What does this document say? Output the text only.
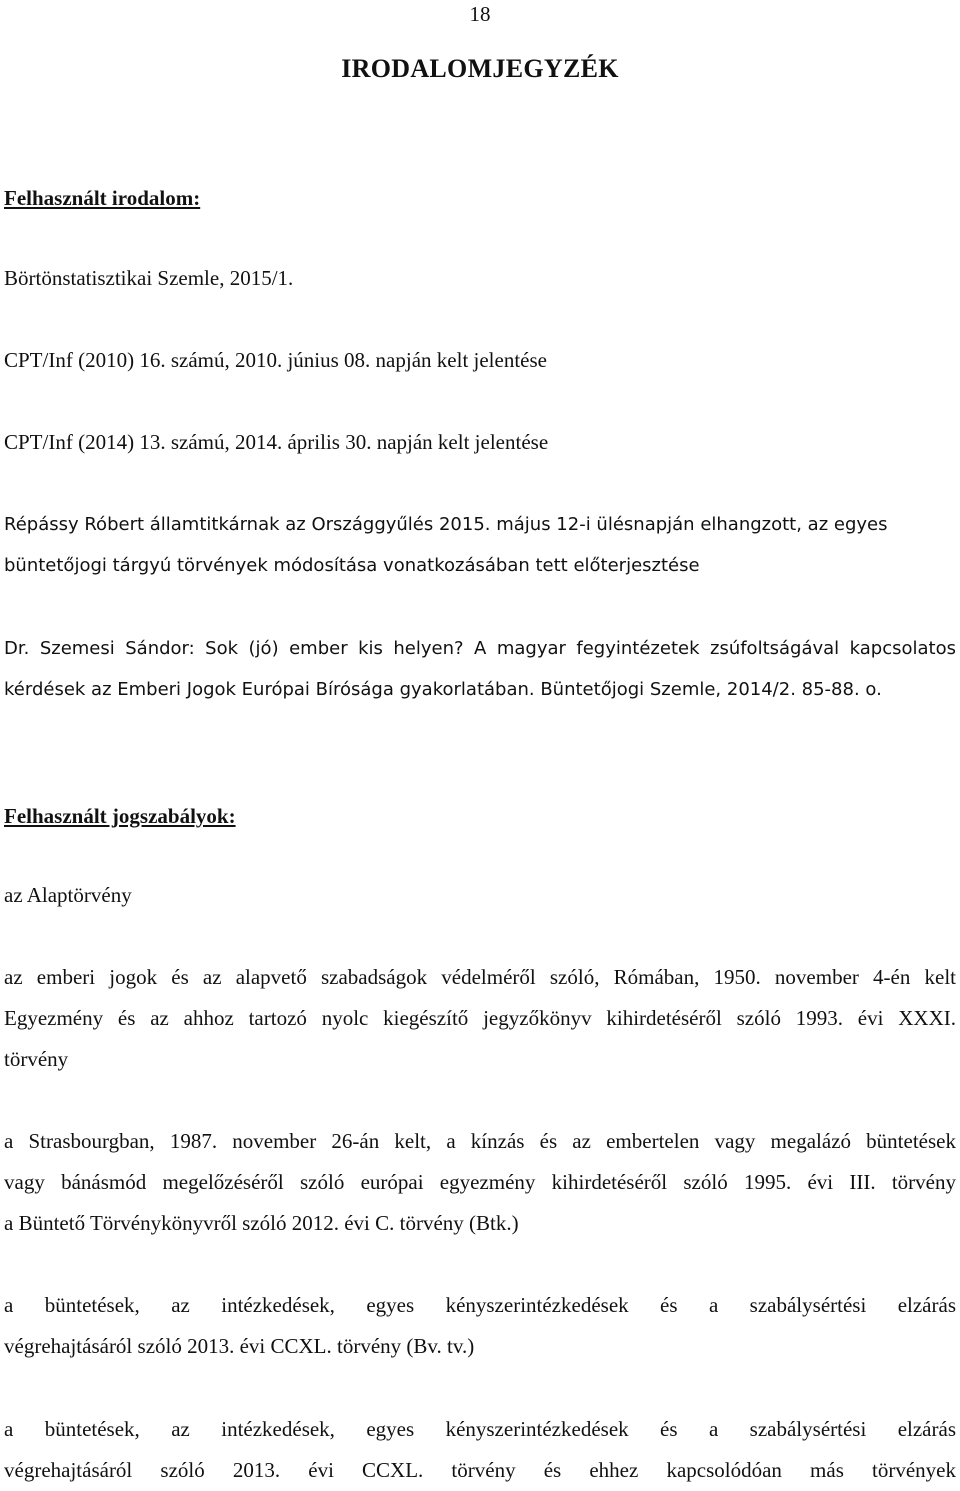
18
IRODALOMJEGYZÉK
Felhasznált irodalom:

Börtönstatisztikai Szemle, 2015/1.

CPT/Inf (2010) 16. számú, 2010. június 08. napján kelt jelentése

CPT/Inf (2014) 13. számú, 2014. április 30. napján kelt jelentése

Répássy Róbert államtitkárnak az Országgyűlés 2015. május 12-i ülésnapján elhangzott, az egyes
büntetőjogi tárgyú törvények módosítása vonatkozásában tett előterjesztése

Dr. Szemesi Sándor: Sok (jó) ember kis helyen? A magyar fegyintézetek zsúfoltságával kapcsolatos
kérdések az Emberi Jogok Európai Bírósága gyakorlatában. Büntetőjogi Szemle, 2014/2. 85-88. o.

Felhasznált jogszabályok:

az Alaptörvény

az emberi jogok és az alapvető szabadságok védelméről szóló, Rómában, 1950. november 4-én kelt
Egyezmény és az ahhoz tartozó nyolc kiegészítő jegyzőkönyv kihirdetéséről szóló 1993. évi XXXI.
törvény

a Strasbourgban, 1987. november 26-án kelt, a kínzás és az embertelen vagy megalázó büntetések
vagy bánásmód megelőzéséről szóló európai egyezmény kihirdetéséről szóló 1995. évi III. törvény
a Büntető Törvénykönyvről szóló 2012. évi C. törvény (Btk.)

a büntetések, az intézkedések, egyes kényszerintézkedések és a szabálysértési elzárás
végrehajtásáról szóló 2013. évi CCXL. törvény (Bv. tv.)

a büntetések, az intézkedések, egyes kényszerintézkedések és a szabálysértési elzárás
végrehajtásáról szóló 2013. évi CCXL. törvény és ehhez kapcsolódóan más törvények
